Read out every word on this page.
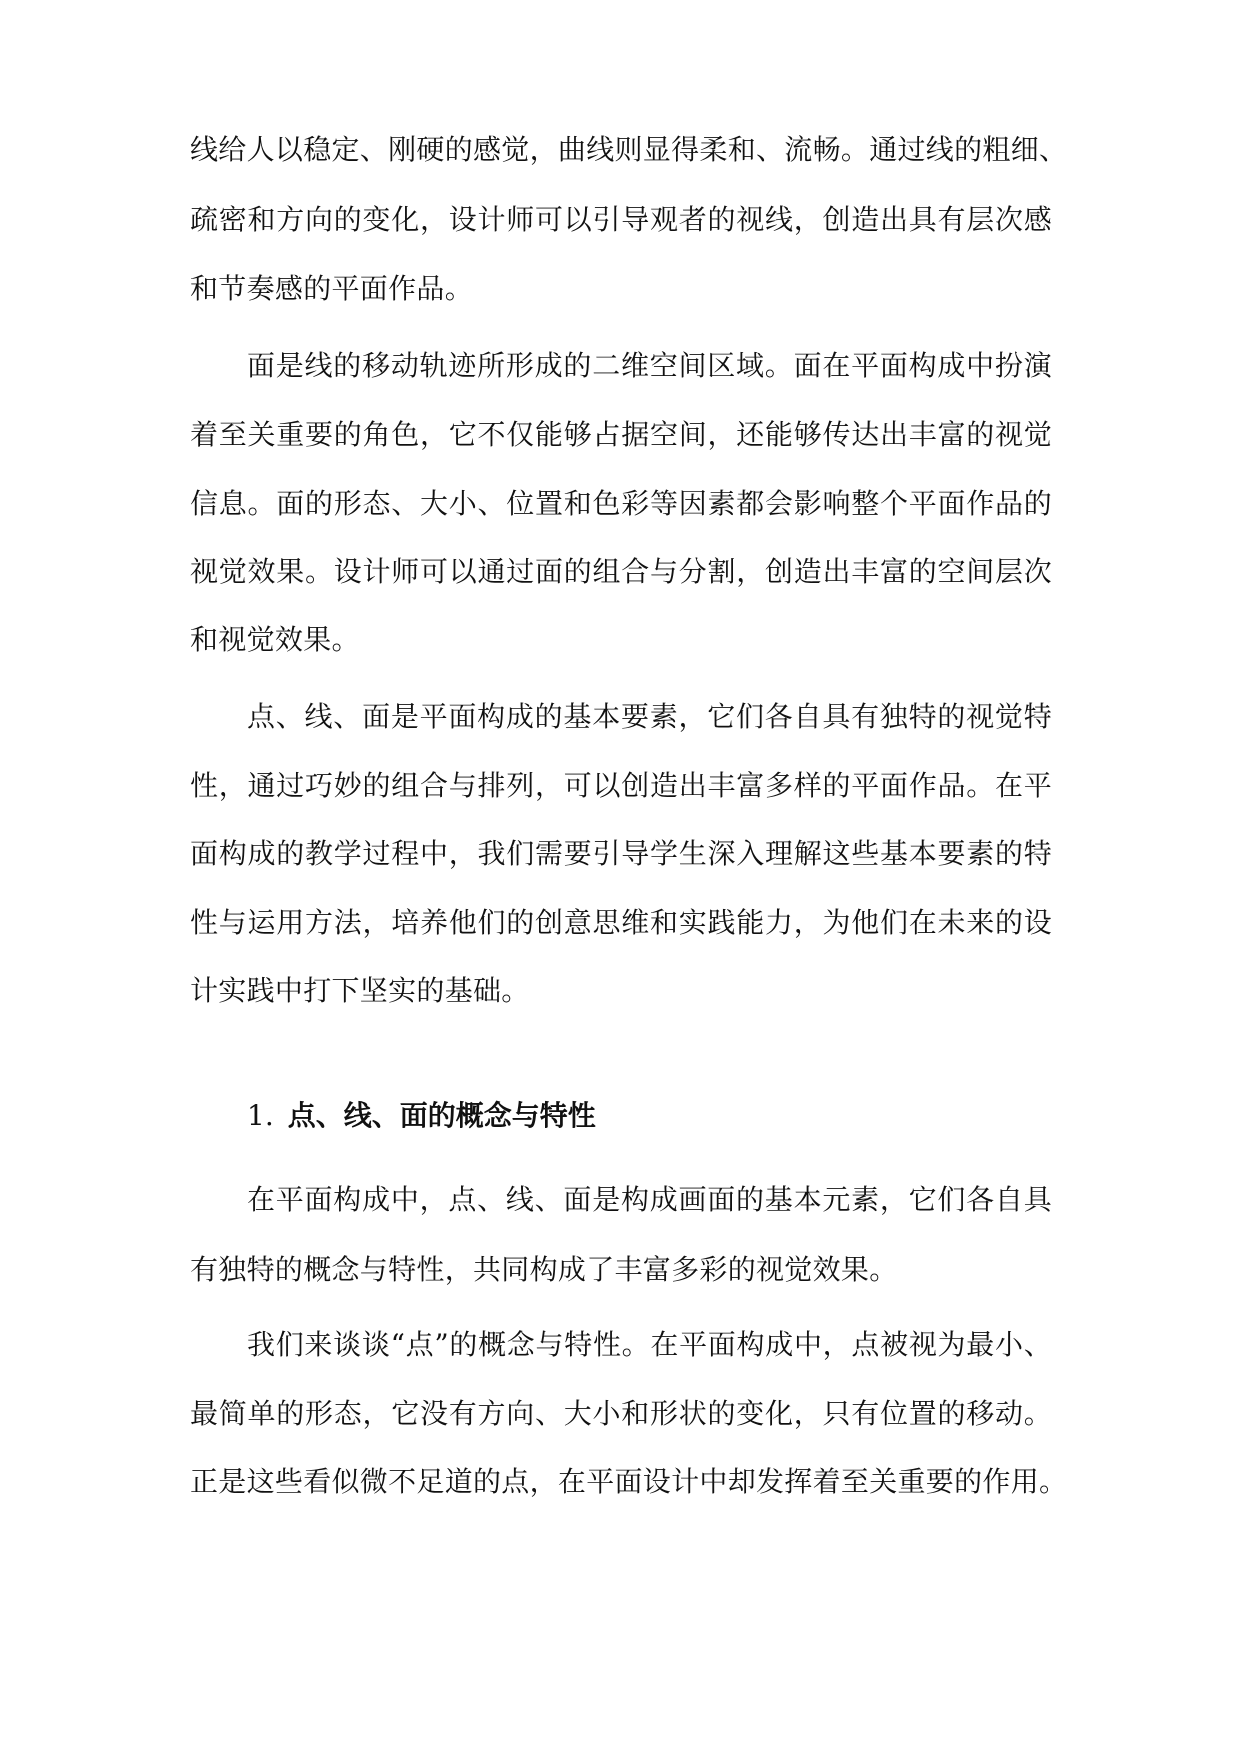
线给人以稳定、刚硬的感觉，曲线则显得柔和、流畅。通过线的粗细、
疏密和方向的变化，设计师可以引导观者的视线，创造出具有层次感
和节奏感的平面作品。
面是线的移动轨迹所形成的二维空间区域。面在平面构成中扮演
着至关重要的角色，它不仅能够占据空间，还能够传达出丰富的视觉
信息。面的形态、大小、位置和色彩等因素都会影响整个平面作品的
视觉效果。设计师可以通过面的组合与分割，创造出丰富的空间层次
和视觉效果。
点、线、面是平面构成的基本要素，它们各自具有独特的视觉特
性，通过巧妙的组合与排列，可以创造出丰富多样的平面作品。在平
面构成的教学过程中，我们需要引导学生深入理解这些基本要素的特
性与运用方法，培养他们的创意思维和实践能力，为他们在未来的设
计实践中打下坚实的基础。
1. 点、线、面的概念与特性
在平面构成中，点、线、面是构成画面的基本元素，它们各自具
有独特的概念与特性，共同构成了丰富多彩的视觉效果。
我们来谈谈“点”的概念与特性。在平面构成中，点被视为最小、
最简单的形态，它没有方向、大小和形状的变化，只有位置的移动。
正是这些看似微不足道的点，在平面设计中却发挥着至关重要的作用。
